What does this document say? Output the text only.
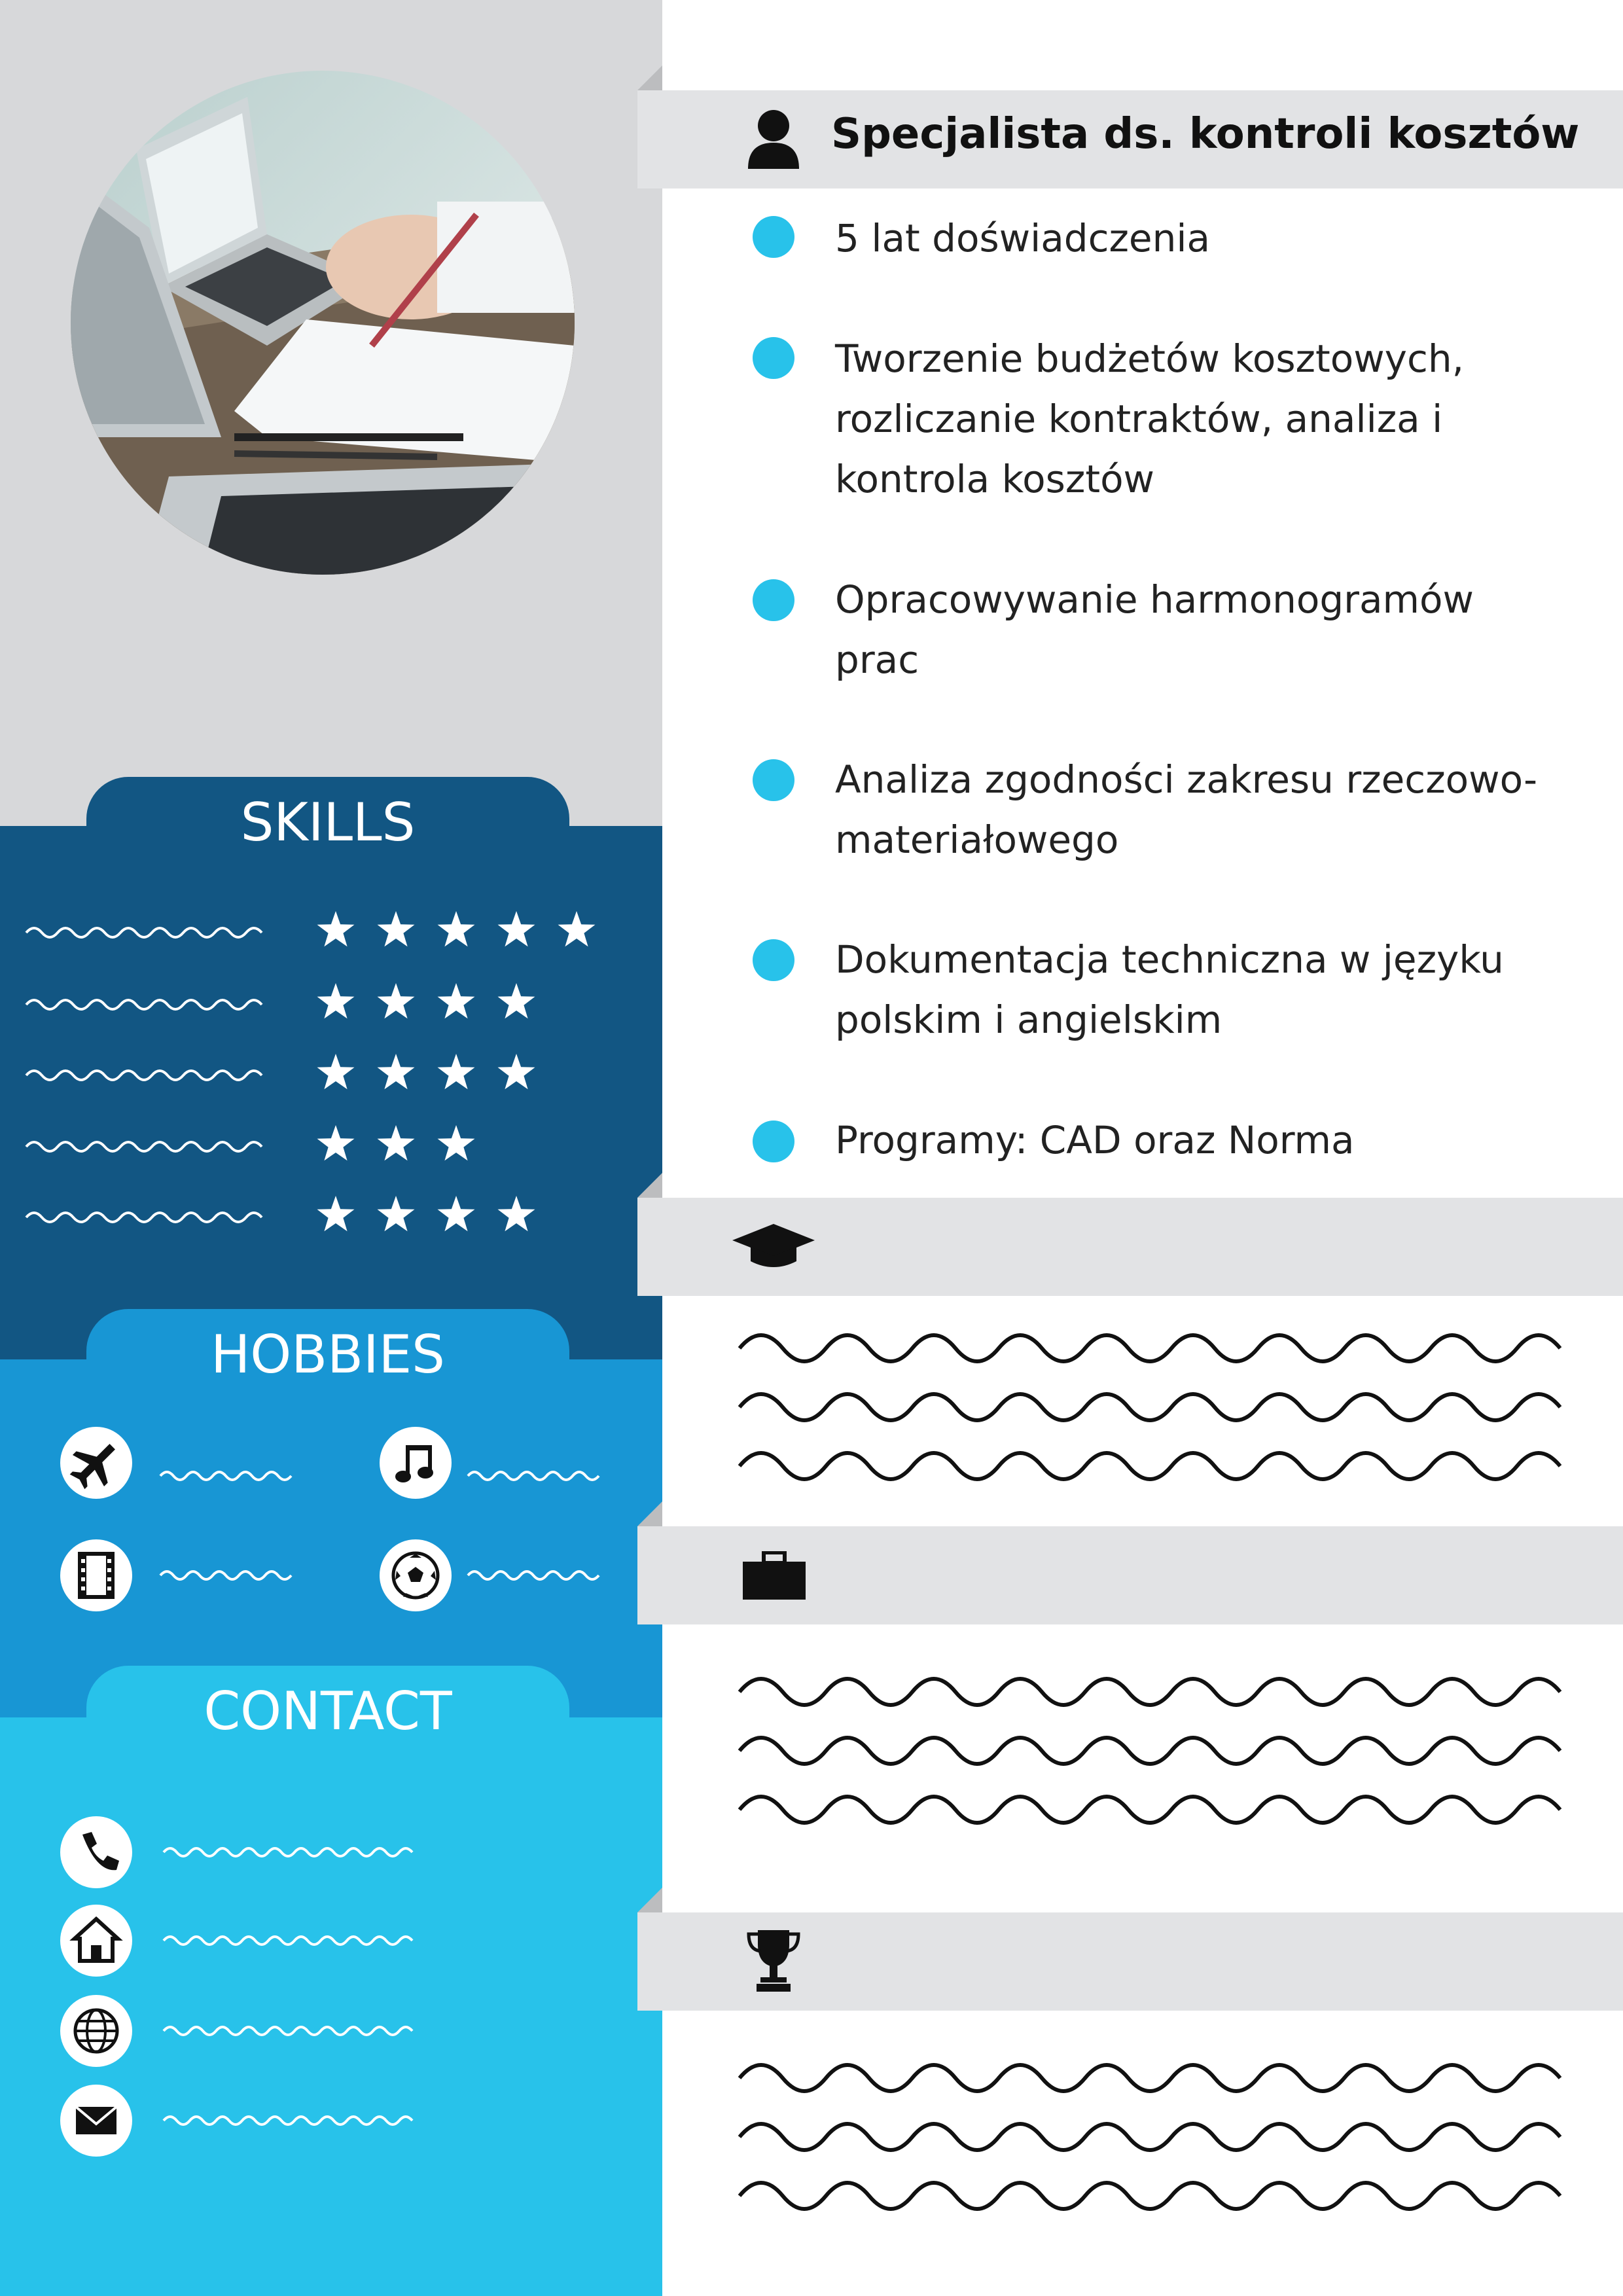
SKILLS
HOBBIES
CONTACT
Specjalista ds. kontroli kosztów
5 lat doświadczenia
Tworzenie budżetów kosztowych, rozliczanie kontraktów, analiza i kontrola kosztów
Opracowywanie harmonogramów prac
Analiza zgodności zakresu rzeczowo-materiałowego
Dokumentacja techniczna w języku polskim i angielskim
Programy: CAD oraz Norma
